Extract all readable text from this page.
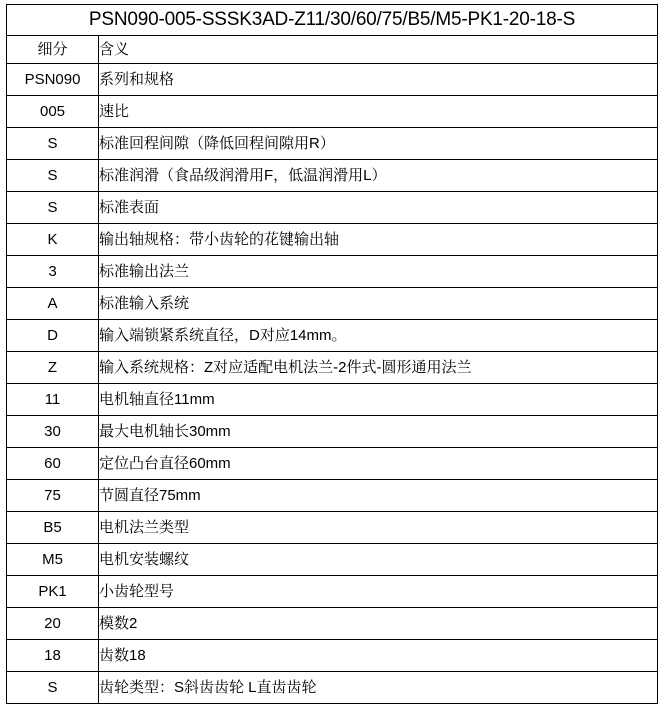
PSN090-005-SSSK3AD-Z11/30/60/75/B5/M5-PK1-20-18-S	
细分	含义
PSN090	系列和规格
005	速比
S	标准回程间隙（降低回程间隙用R）
S	标准润滑（食品级润滑用F，低温润滑用L）
S	标准表面
K	输出轴规格：带小齿轮的花键输出轴
3	标准输出法兰
A	标准输入系统
D	输入端锁紧系统直径，D对应14mm。
Z	输入系统规格：Z对应适配电机法兰-2件式-圆形通用法兰
11	电机轴直径11mm
30	最大电机轴长30mm
60	定位凸台直径60mm
75	节圆直径75mm
B5	电机法兰类型
M5	电机安装螺纹
PK1	小齿轮型号
20	模数2
18	齿数18
S	齿轮类型：S斜齿齿轮 L直齿齿轮
